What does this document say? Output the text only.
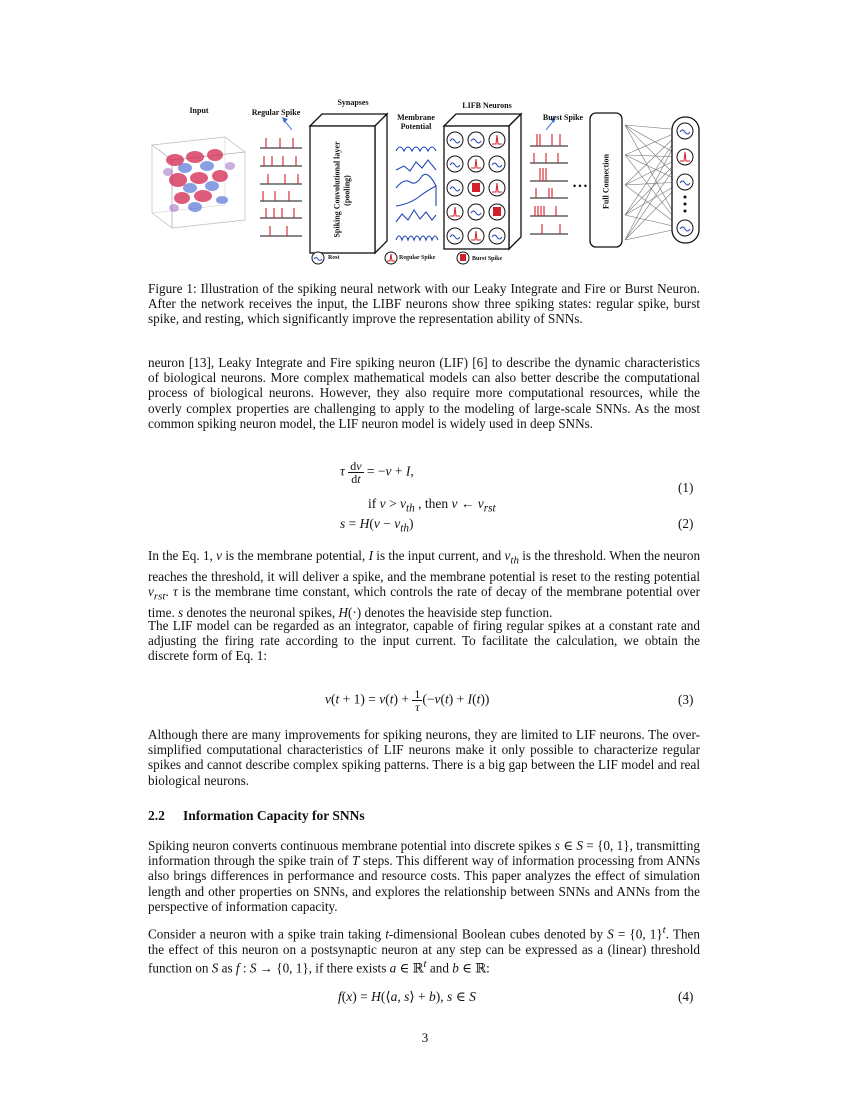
Input	Regular Spike
Synapses
Membrane Potential
LIFB Neurons
Burst Spike
• • •
Spiking Convolutional layer (pooling)	Full Connection
Rest	Regular Spike	Burst Spike
Figure 1: Illustration of the spiking neural network with our Leaky Integrate and Fire or Burst Neuron. After the network receives the input, the LIBF neurons show three spiking states: regular spike, burst spike, and resting, which significantly improve the representation ability of SNNs.
neuron [13], Leaky Integrate and Fire spiking neuron (LIF) [6] to describe the dynamic characteristics of biological neurons. More complex mathematical models can also better describe the computational process of biological neurons. However, they also require more computational resources, while the overly complex properties are challenging to apply to the modeling of large-scale SNNs. As the most common spiking neuron model, the LIF neuron model is widely used in deep SNNs.
τ $\frac{dv}{dt} = -v + I$,
(1)
if $v > v_{th}$ , then v ← $v_{rst}$
$s = H(v - v_{th})$	(2)
In the Eq. 1, v is the membrane potential, I is the input current, and $v_{th}$ is the threshold. When the neuron reaches the threshold, it will deliver a spike, and the membrane potential is reset to the resting potential $v_{rst}$. τ is the membrane time constant, which controls the rate of decay of the membrane potential over time. s denotes the neuronal spikes, H(·) denotes the heaviside step function.
The LIF model can be regarded as an integrator, capable of firing regular spikes at a constant rate and adjusting the firing rate according to the input current. To facilitate the calculation, we obtain the discrete form of Eq. 1:
$v(t + 1) = v(t) + \frac{1}{\tau} (-v(t) + I(t))$	(3)
Although there are many improvements for spiking neurons, they are limited to LIF neurons. The over-simplified computational characteristics of LIF neurons make it only possible to characterize regular spikes and cannot describe complex spiking patterns. There is a big gap between the LIF model and real biological neurons.
2.2 Information Capacity for SNNs
Spiking neuron converts continuous membrane potential into discrete spikes s ∈ S = {0, 1}, transmitting information through the spike train of T steps. This different way of information processing from ANNs also brings differences in performance and resource costs. This paper analyzes the effect of simulation length and other properties on SNNs, and explores the relationship between SNNs and ANNs from the perspective of information capacity.
Consider a neuron with a spike train taking t-dimensional Boolean cubes denoted by S = {0, 1}$^t$. Then the effect of this neuron on a postsynaptic neuron at any step can be expressed as a (linear) threshold function on S as f : S → {0, 1}, if there exists a ∈ ℝ$^t$ and b ∈ ℝ:
f(x) = H(⟨a, s⟩ + b), s ∈ S	(4)
3
